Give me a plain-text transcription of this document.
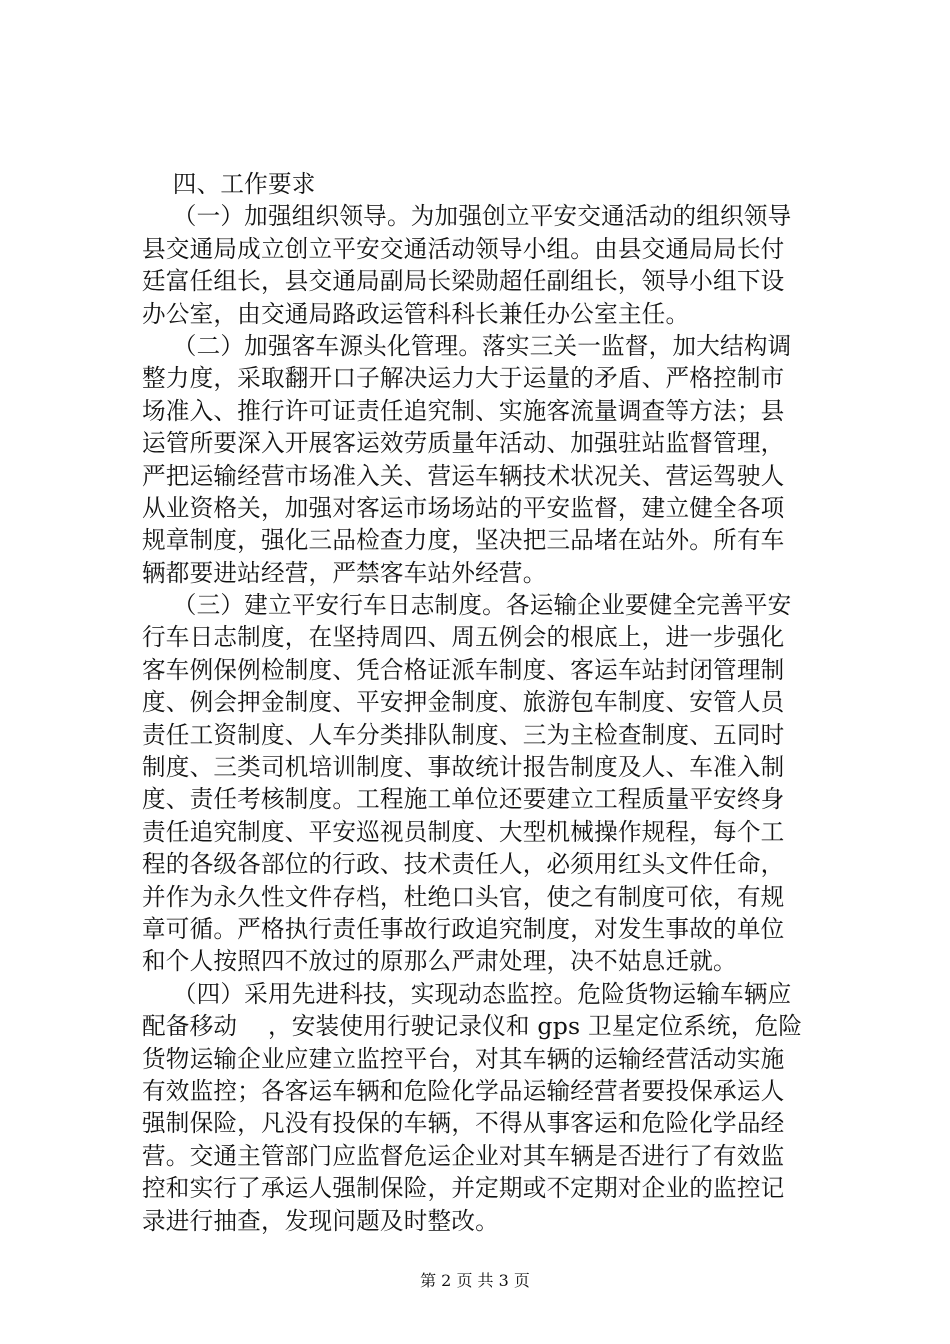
四、工作要求
（一）加强组织领导。为加强创立平安交通活动的组织领导
县交通局成立创立平安交通活动领导小组。由县交通局局长付
廷富任组长，县交通局副局长梁勋超任副组长，领导小组下设
办公室，由交通局路政运管科科长兼任办公室主任。
（二）加强客车源头化管理。落实三关一监督，加大结构调
整力度，采取翻开口子解决运力大于运量的矛盾、严格控制市
场准入、推行许可证责任追究制、实施客流量调查等方法；县
运管所要深入开展客运效劳质量年活动、加强驻站监督管理，
严把运输经营市场准入关、营运车辆技术状况关、营运驾驶人
从业资格关，加强对客运市场场站的平安监督，建立健全各项
规章制度，强化三品检查力度，坚决把三品堵在站外。所有车
辆都要进站经营，严禁客车站外经营。
（三）建立平安行车日志制度。各运输企业要健全完善平安
行车日志制度，在坚持周四、周五例会的根底上，进一步强化
客车例保例检制度、凭合格证派车制度、客运车站封闭管理制
度、例会押金制度、平安押金制度、旅游包车制度、安管人员
责任工资制度、人车分类排队制度、三为主检查制度、五同时
制度、三类司机培训制度、事故统计报告制度及人、车准入制
度、责任考核制度。工程施工单位还要建立工程质量平安终身
责任追究制度、平安巡视员制度、大型机械操作规程，每个工
程的各级各部位的行政、技术责任人，必须用红头文件任命，
并作为永久性文件存档，杜绝口头官，使之有制度可依，有规
章可循。严格执行责任事故行政追究制度，对发生事故的单位
和个人按照四不放过的原那么严肃处理，决不姑息迁就。
（四）采用先进科技，实现动态监控。危险货物运输车辆应
配备移动    ，安装使用行驶记录仪和 gps 卫星定位系统，危险
货物运输企业应建立监控平台，对其车辆的运输经营活动实施
有效监控；各客运车辆和危险化学品运输经营者要投保承运人
强制保险，凡没有投保的车辆，不得从事客运和危险化学品经
营。交通主管部门应监督危运企业对其车辆是否进行了有效监
控和实行了承运人强制保险，并定期或不定期对企业的监控记
录进行抽查，发现问题及时整改。
第 2 页 共 3 页
